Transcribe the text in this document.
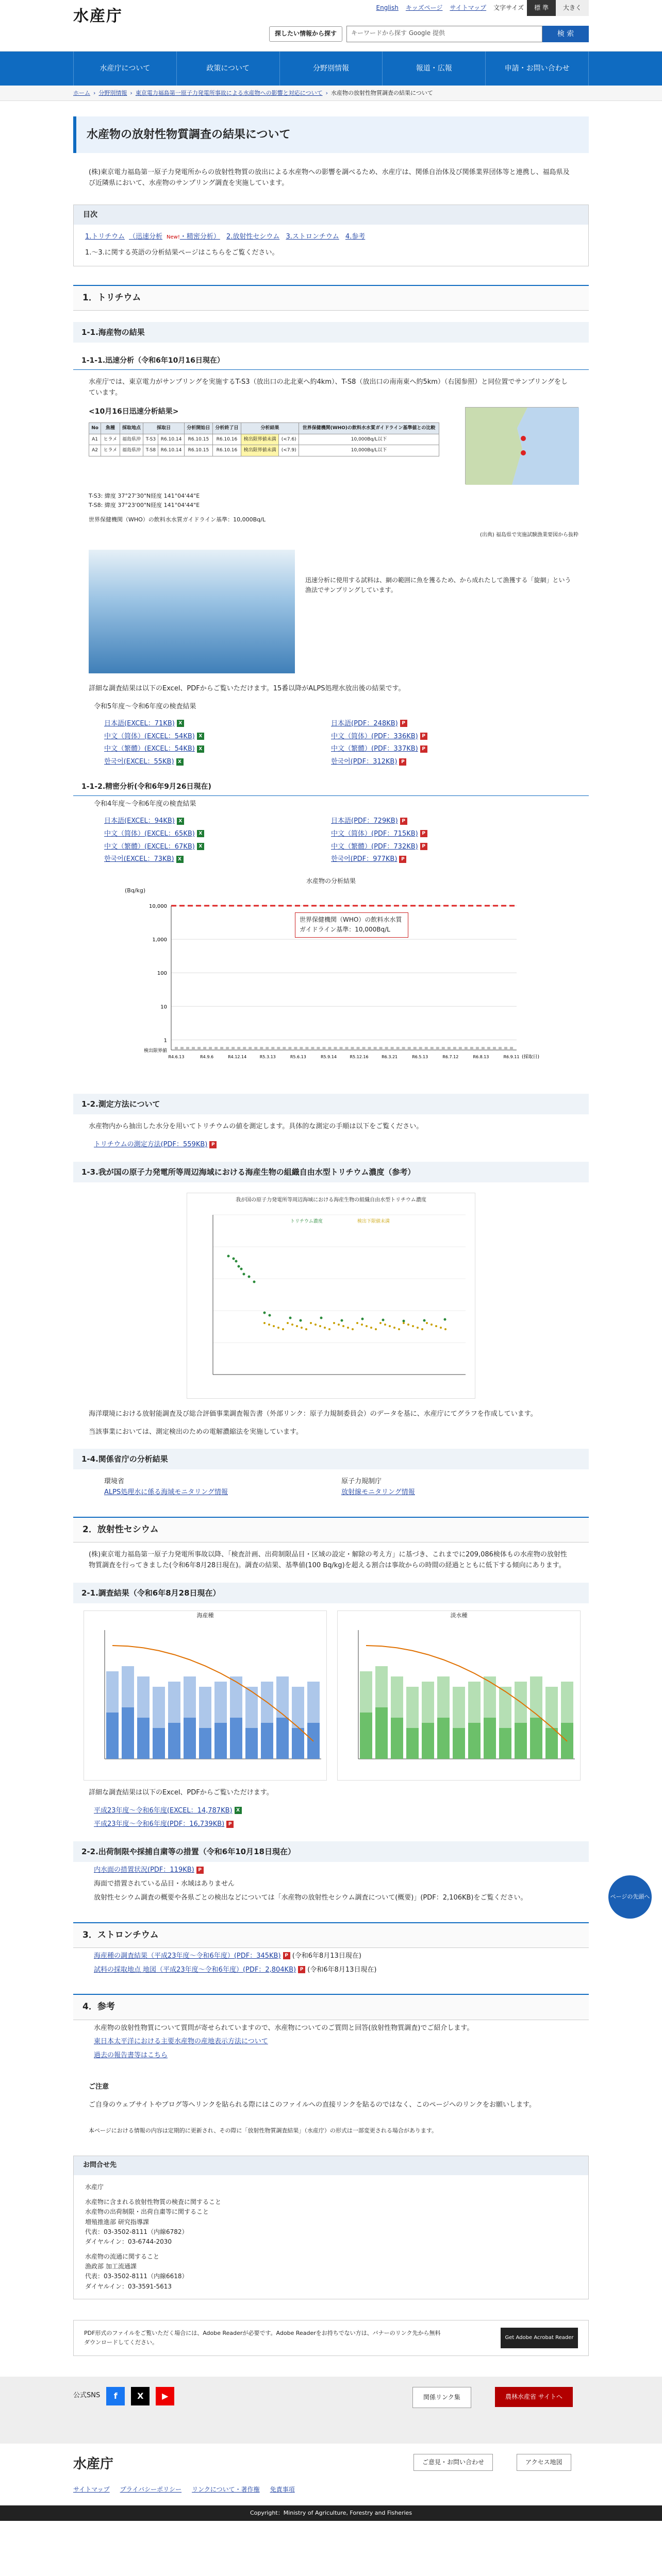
水産庁	English キッズページ サイトマップ 文字サイズ	標 準	大きく
探したい情報から探す	キーワードから探す Google 提供	検 索
水産庁について	政策について	分野別情報	報道・広報	申請・お問い合わせ
ホーム › 分野別情報 › 東京電力福島第一原子力発電所事故による水産物への影響と対応について › 水産物の放射性物質調査の結果について
水産物の放射性物質調査の結果について
(株)東京電力福島第一原子力発電所からの放射性物質の放出による水産物への影響を調べるため、水産庁は、関係自治体及び関係業界団体等と連携し、福島県及び近隣県において、水産物のサンプリング調査を実施しています。
目次
1.トリチウム （迅速分析 New!・精密分析） 2.放射性セシウム 3.ストロンチウム 4.参考
1.～3.に関する英語の分析結果ページはこちらをご覧ください。
1．トリチウム
1-1.海産物の結果
1-1-1.迅速分析（令和6年10月16日現在）
水産庁では、東京電力がサンプリングを実施するT-S3（放出口の北北東へ約4km）、T-S8（放出口の南南東へ約5km）（右図参照）と同位置でサンプリングをしています。
<10月16日迅速分析結果>
No	魚種	採取地点	採取日		分析開始日	分析終了日	分析結果		世界保健機関(WHO)の飲料水水質ガイドライン基準値との比較
A1	ヒラメ	福島県沖	T-S3	R6.10.14	R6.10.15	R6.10.16	検出限界値未満	(<7.6)	10,000Bq/L以下
A2	ヒラメ	福島県沖	T-S8	R6.10.14	R6.10.15	R6.10.16	検出限界値未満	(<7.9)	10,000Bq/L以下
T-S3: 緯度 37°27'30"N経度 141°04'44"E
T-S8: 緯度 37°23'00"N経度 141°04'44"E
世界保健機関（WHO）の飲料水水質ガイドライン基準：10,000Bq/L
(出典) 福島県で実施試験漁業要図から抜粋
迅速分析に使用する試料は、網の範囲に魚を獲るため、から成れたして漁獲する「旋網」という漁法でサンプリングしています。
詳細な調査結果は以下のExcel、PDFからご覧いただけます。15番以降がALPS処理水放出後の結果です。
令和5年度～令和6年度の検査結果
日本語(EXCEL：71KB) X	日本語(PDF：248KB) P
中文（简体）(EXCEL：54KB) X	中文（简体）(PDF：336KB) P
中文（繁體）(EXCEL：54KB) X	中文（繁體）(PDF：337KB) P
한국어(EXCEL：55KB) X	한국어(PDF：312KB) P
1-1-2.精密分析(令和6年9月26日現在)
令和4年度～令和6年度の検査結果
日本語(EXCEL：94KB) X	日本語(PDF：729KB) P
中文（简体）(EXCEL：65KB) X	中文（简体）(PDF：715KB) P
中文（繁體）(EXCEL：67KB) X	中文（繁體）(PDF：732KB) P
한국어(EXCEL：73KB) X	한국어(PDF：977KB) P
水産物の分析結果
(Bq/kg)
10,000
1,000
100
10
1
検出限界値
R4.6.13	R4.9.6	R4.12.14	R5.3.13	R5.6.13	R5.9.14	R5.12.16	R6.3.21	R6.5.13	R6.7.12	R6.8.13	R6.9.11 (採取日)
世界保健機関（WHO）の飲料水水質ガイドライン基準：10,000Bq/L
1-2.測定方法について
水産物内から抽出した水分を用いてトリチウムの値を測定します。具体的な測定の手順は以下をご覧ください。
トリチウムの測定方法(PDF：559KB) P
1-3.我が国の原子力発電所等周辺海域における海産生物の組織自由水型トリチウム濃度（参考）
我が国の原子力発電所等周辺海域における海産生物の組織自由水型トリチウム濃度
トリチウム濃度	検出下限値未満
海洋環境における放射能調査及び総合評価事業調査報告書（外部リンク：原子力規制委員会）のデータを基に、水産庁にてグラフを作成しています。
当該事業においては、測定検出のための電解濃縮法を実施しています。
1-4.関係省庁の分析結果
環境省
ALPS処理水に係る海域モニタリング情報
原子力規制庁
放射線モニタリング情報
2．放射性セシウム
(株)東京電力福島第一原子力発電所事故以降、「検査計画、出荷制限品目・区域の設定・解除の考え方」に基づき、これまでに209,086検体もの水産物の放射性物質調査を行ってきました(令和6年8月28日現在)。調査の結果、基準値(100 Bq/kg)を超える割合は事故からの時間の経過とともに低下する傾向にあります。
2-1.調査結果（令和6年8月28日現在）
海産種	淡水種
詳細な調査結果は以下のExcel、PDFからご覧いただけます。
平成23年度～令和6年度(EXCEL：14,787KB) X
平成23年度～令和6年度(PDF：16,739KB) P
2-2.出荷制限や採捕自粛等の措置（令和6年10月18日現在）
内水面の措置状況(PDF：119KB) P
海面で措置されている品目・水域はありません
放射性セシウム調査の概要や各県ごとの検出などについては「水産物の放射性セシウム調査について(概要)」(PDF：2,106KB)をご覧ください。
3．ストロンチウム
海産種の調査結果（平成23年度～令和6年度）(PDF：345KB) P (令和6年8月13日現在)
試料の採取地点 地図（平成23年度～令和6年度）(PDF：2,804KB) P (令和6年8月13日現在)
4．参考
水産物の放射性物質について質問が寄せられていますので、水産物についてのご質問と回答(放射性物質調査)でご紹介します。
東日本太平洋における主要水産物の産地表示方法について
過去の報告書等はこちら
ご注意
ご自身のウェブサイトやブログ等へリンクを貼られる際にはこのファイルへの直接リンクを貼るのではなく、このページへのリンクをお願いします。
本ページにおける情報の内容は定期的に更新され、その際に「放射性物質調査結果」（水産庁）の形式は一部変更される場合があります。
お問合せ先
水産庁
水産物に含まれる放射性物質の検査に関すること
水産物の出荷制限・出荷自粛等に関すること
増殖推進部 研究指導課
代表：03-3502-8111（内線6782）
ダイヤルイン：03-6744-2030
水産物の流通に関すること
漁政部 加工流通課
代表：03-3502-8111（内線6618）
ダイヤルイン：03-3591-5613
PDF形式のファイルをご覧いただく場合には、Adobe Readerが必要です。Adobe Readerをお持ちでない方は、バナーのリンク先から無料ダウンロードしてください。
Get Adobe Acrobat Reader
公式SNS	f	X	▶	関係リンク集	農林水産省 サイトへ
水産庁	ご意見・お問い合わせ	アクセス地図
サイトマップ プライバシーポリシー リンクについて・著作権 免責事項
Copyright：Ministry of Agriculture, Forestry and Fisheries
ページの先頭へ
